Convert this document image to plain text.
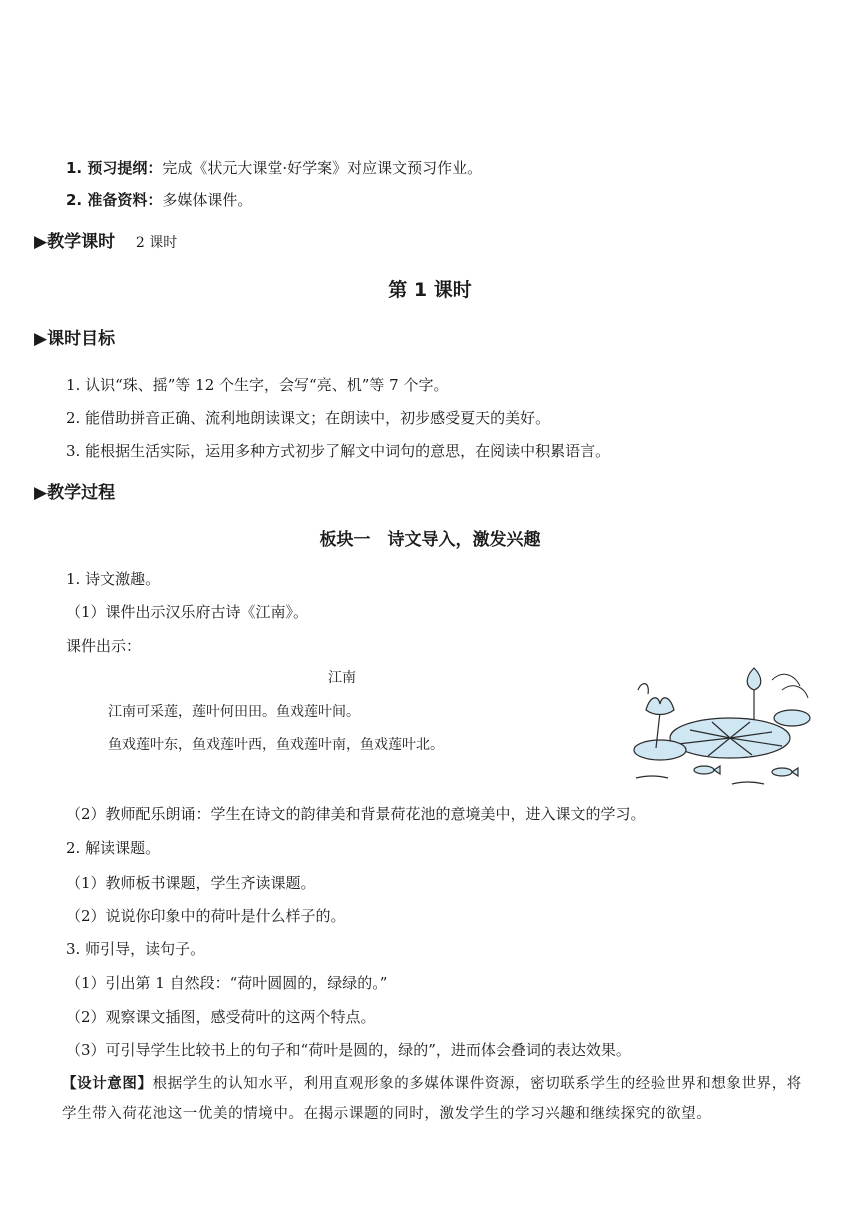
1. 预习提纲：完成《状元大课堂·好学案》对应课文预习作业。
2. 准备资料：多媒体课件。
▶教学课时 2 课时
第 1 课时
▶课时目标
1. 认识“珠、摇”等 12 个生字，会写“亮、机”等 7 个字。
2. 能借助拼音正确、流利地朗读课文；在朗读中，初步感受夏天的美好。
3. 能根据生活实际，运用多种方式初步了解文中词句的意思，在阅读中积累语言。
▶教学过程
板块一　诗文导入，激发兴趣
1. 诗文激趣。
（1）课件出示汉乐府古诗《江南》。
课件出示：
江南
江南可采莲，莲叶何田田。鱼戏莲叶间。
鱼戏莲叶东，鱼戏莲叶西，鱼戏莲叶南，鱼戏莲叶北。
（2）教师配乐朗诵：学生在诗文的韵律美和背景荷花池的意境美中，进入课文的学习。
2. 解读课题。
（1）教师板书课题，学生齐读课题。
（2）说说你印象中的荷叶是什么样子的。
3. 师引导，读句子。
（1）引出第 1 自然段：“荷叶圆圆的，绿绿的。”
（2）观察课文插图，感受荷叶的这两个特点。
（3）可引导学生比较书上的句子和“荷叶是圆的，绿的”，进而体会叠词的表达效果。
【设计意图】根据学生的认知水平，利用直观形象的多媒体课件资源，密切联系学生的经验世界和想象世界，将学生带入荷花池这一优美的情境中。在揭示课题的同时，激发学生的学习兴趣和继续探究的欲望。
